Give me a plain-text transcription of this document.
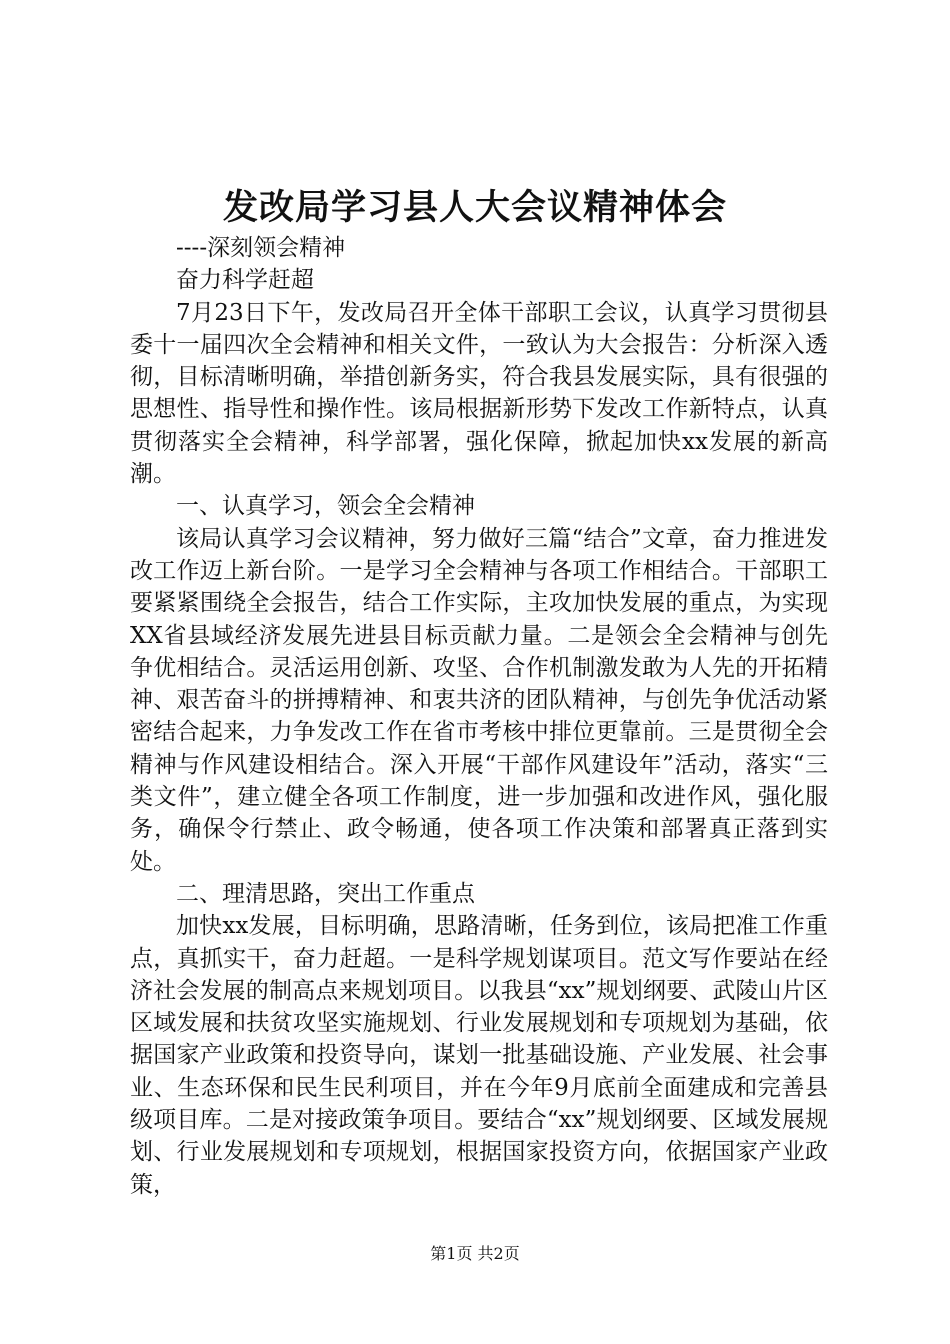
发改局学习县人大会议精神体会

----深刻领会精神

奋力科学赶超

7月23日下午，发改局召开全体干部职工会议，认真学习贯彻县委十一届四次全会精神和相关文件，一致认为大会报告：分析深入透彻，目标清晰明确，举措创新务实，符合我县发展实际，具有很强的思想性、指导性和操作性。该局根据新形势下发改工作新特点，认真贯彻落实全会精神，科学部署，强化保障，掀起加快xx发展的新高潮。

一、认真学习，领会全会精神

该局认真学习会议精神，努力做好三篇“结合”文章，奋力推进发改工作迈上新台阶。一是学习全会精神与各项工作相结合。干部职工要紧紧围绕全会报告，结合工作实际，主攻加快发展的重点，为实现XX省县域经济发展先进县目标贡献力量。二是领会全会精神与创先争优相结合。灵活运用创新、攻坚、合作机制激发敢为人先的开拓精神、艰苦奋斗的拼搏精神、和衷共济的团队精神，与创先争优活动紧密结合起来，力争发改工作在省市考核中排位更靠前。三是贯彻全会精神与作风建设相结合。深入开展“干部作风建设年”活动，落实“三类文件”，建立健全各项工作制度，进一步加强和改进作风，强化服务，确保令行禁止、政令畅通，使各项工作决策和部署真正落到实处。

二、理清思路，突出工作重点

加快xx发展，目标明确，思路清晰，任务到位，该局把准工作重点，真抓实干，奋力赶超。一是科学规划谋项目。范文写作要站在经济社会发展的制高点来规划项目。以我县“xx”规划纲要、武陵山片区区域发展和扶贫攻坚实施规划、行业发展规划和专项规划为基础，依据国家产业政策和投资导向，谋划一批基础设施、产业发展、社会事业、生态环保和民生民利项目，并在今年9月底前全面建成和完善县级项目库。二是对接政策争项目。要结合“xx”规划纲要、区域发展规划、行业发展规划和专项规划，根据国家投资方向，依据国家产业政策，

第1页 共2页
